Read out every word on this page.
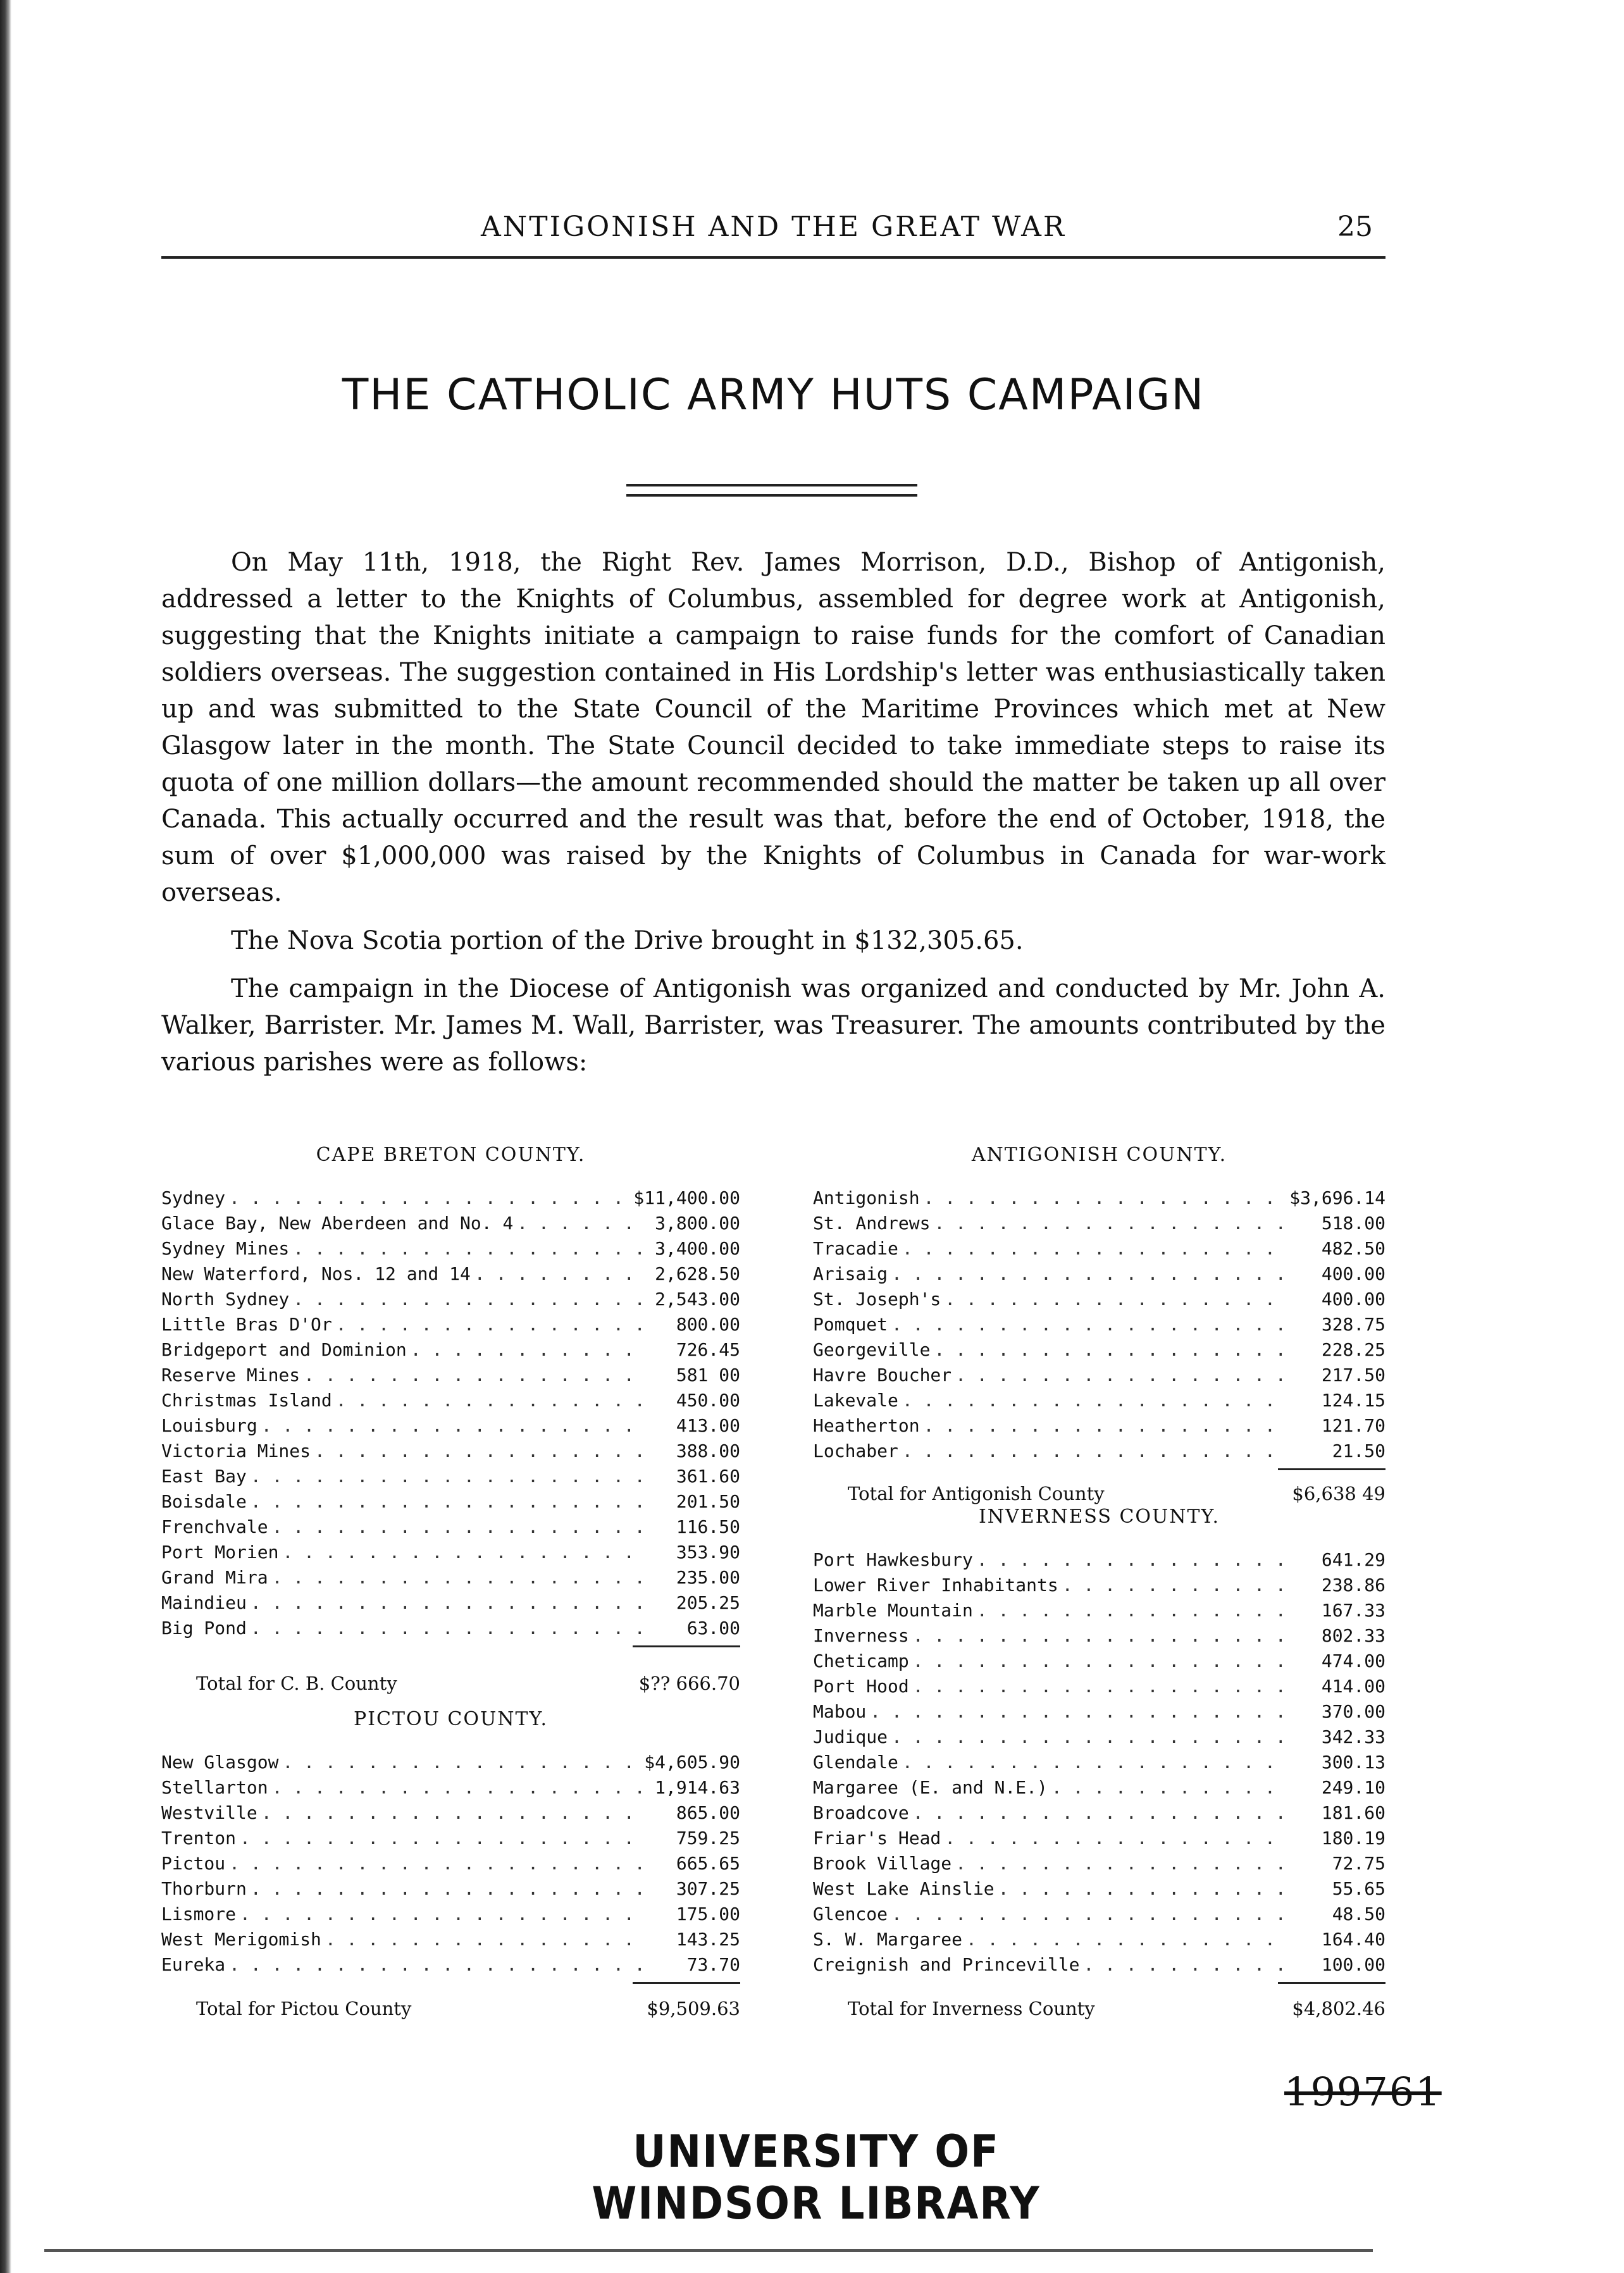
ANTIGONISH AND THE GREAT WAR	25
THE CATHOLIC ARMY HUTS CAMPAIGN

On May 11th, 1918, the Right Rev. James Morrison, D.D., Bishop of Antigonish, addressed a letter to the Knights of Columbus, assembled for degree work at Antigonish, suggesting that the Knights initiate a campaign to raise funds for the comfort of Canadian soldiers overseas. The suggestion contained in His Lordship's letter was enthusiastically taken up and was submitted to the State Council of the Maritime Provinces which met at New Glasgow later in the month. The State Council decided to take immediate steps to raise its quota of one million dollars—the amount recommended should the matter be taken up all over Canada. This actually occurred and the result was that, before the end of October, 1918, the sum of over $1,000,000 was raised by the Knights of Columbus in Canada for war-work overseas.

The Nova Scotia portion of the Drive brought in $132,305.65.

The campaign in the Diocese of Antigonish was organized and conducted by Mr. John A. Walker, Barrister. Mr. James M. Wall, Barrister, was Treasurer. The amounts contributed by the various parishes were as follows:

CAPE BRETON COUNTY.
Sydney . . .	$11,400.00
Glace Bay, New Aberdeen and No. 4 . . .	3,800.00
Sydney Mines . . .	3,400.00
New Waterford, Nos. 12 and 14 . . .	2,628.50
North Sydney . . .	2,543.00
Little Bras D'Or . . .	800.00
Bridgeport and Dominion . . .	726.45
Reserve Mines . . .	581 00
Christmas Island . . .	450.00
Louisburg . . .	413.00
Victoria Mines . . .	388.00
East Bay . . .	361.60
Boisdale . . .	201.50
Frenchvale . . .	116.50
Port Morien . . .	353.90
Grand Mira . . .	235.00
Maindieu . . .	205.25
Big Pond . . .	63.00
Total for C. B. County	$?? 666.70
PICTOU COUNTY.
New Glasgow . . .	$4,605.90
Stellarton . . .	1,914.63
Westville . . .	865.00
Trenton . . .	759.25
Pictou . . .	665.65
Thorburn . . .	307.25
Lismore . . .	175.00
West Merigomish . . .	143.25
Eureka . . .	73.70
Total for Pictou County	$9,509.63
ANTIGONISH COUNTY.
Antigonish . . .	$3,696.14
St. Andrews . . .	518.00
Tracadie . . .	482.50
Arisaig . . .	400.00
St. Joseph's . . .	400.00
Pomquet . . .	328.75
Georgeville . . .	228.25
Havre Boucher . . .	217.50
Lakevale . . .	124.15
Heatherton . . .	121.70
Lochaber . . .	21.50
Total for Antigonish County	$6,638 49
INVERNESS COUNTY.
Port Hawkesbury . . .	641.29
Lower River Inhabitants . . .	238.86
Marble Mountain . . .	167.33
Inverness . . .	802.33
Cheticamp . . .	474.00
Port Hood . . .	414.00
Mabou . . .	370.00
Judique . . .	342.33
Glendale . . .	300.13
Margaree (E. and N.E.) . . .	249.10
Broadcove . . .	181.60
Friar's Head . . .	180.19
Brook Village . . .	72.75
West Lake Ainslie . . .	55.65
Glencoe . . .	48.50
S. W. Margaree . . .	164.40
Creignish and Princeville . . .	100.00
Total for Inverness County	$4,802.46
199761
UNIVERSITY OF WINDSOR LIBRARY
